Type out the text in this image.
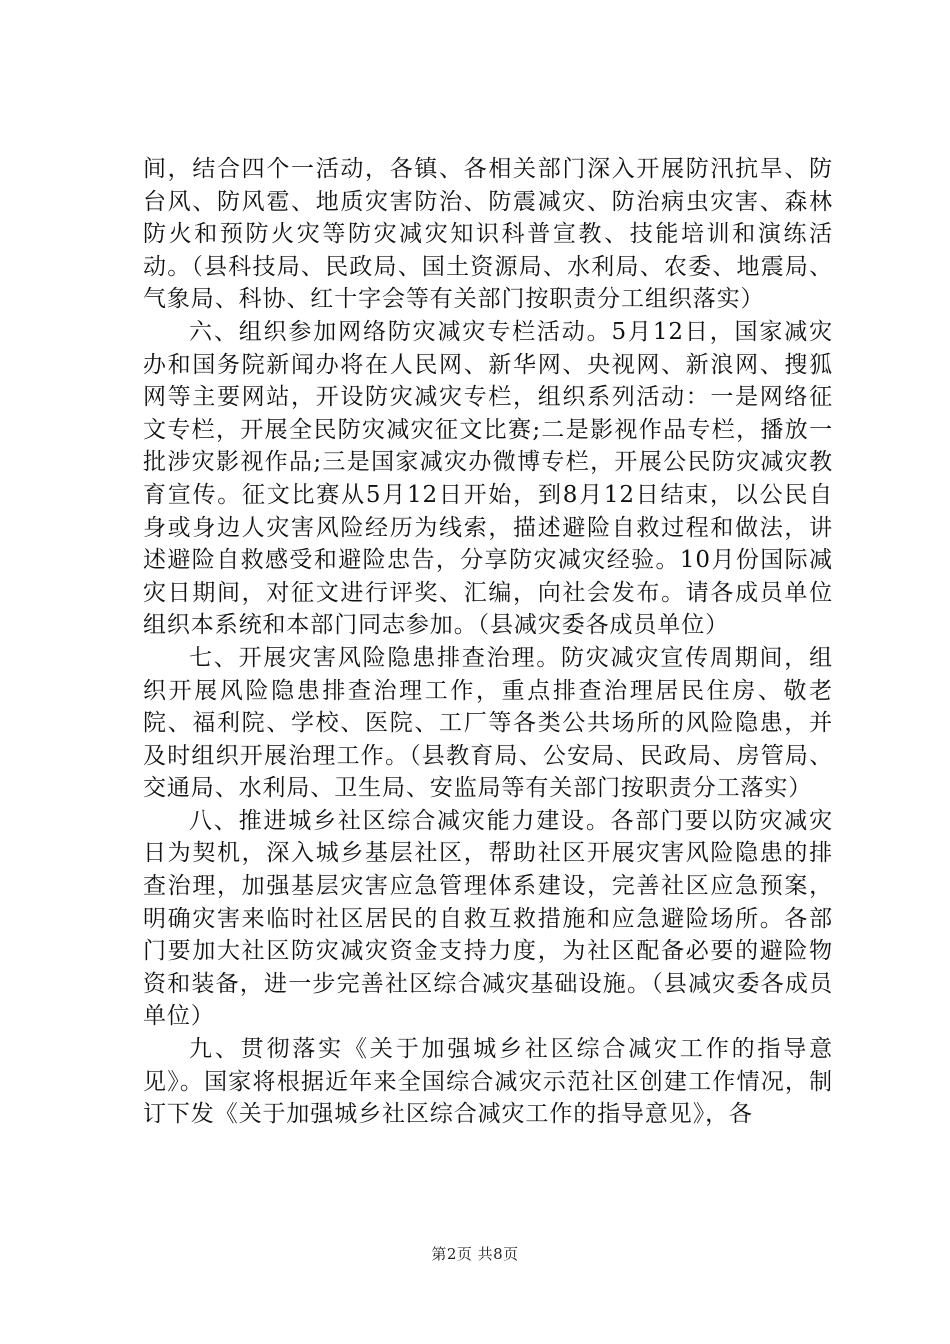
间，结合四个一活动，各镇、各相关部门深入开展防汛抗旱、防台风、防风雹、地质灾害防治、防震减灾、防治病虫灾害、森林防火和预防火灾等防灾减灾知识科普宣教、技能培训和演练活动。（县科技局、民政局、国土资源局、水利局、农委、地震局、气象局、科协、红十字会等有关部门按职责分工组织落实）

六、组织参加网络防灾减灾专栏活动。5月12日，国家减灾办和国务院新闻办将在人民网、新华网、央视网、新浪网、搜狐网等主要网站，开设防灾减灾专栏，组织系列活动：一是网络征文专栏，开展全民防灾减灾征文比赛;二是影视作品专栏，播放一批涉灾影视作品;三是国家减灾办微博专栏，开展公民防灾减灾教育宣传。征文比赛从5月12日开始，到8月12日结束，以公民自身或身边人灾害风险经历为线索，描述避险自救过程和做法，讲述避险自救感受和避险忠告，分享防灾减灾经验。10月份国际减灾日期间，对征文进行评奖、汇编，向社会发布。请各成员单位组织本系统和本部门同志参加。（县减灾委各成员单位）

七、开展灾害风险隐患排查治理。防灾减灾宣传周期间，组织开展风险隐患排查治理工作，重点排查治理居民住房、敬老院、福利院、学校、医院、工厂等各类公共场所的风险隐患，并及时组织开展治理工作。（县教育局、公安局、民政局、房管局、交通局、水利局、卫生局、安监局等有关部门按职责分工落实）

八、推进城乡社区综合减灾能力建设。各部门要以防灾减灾日为契机，深入城乡基层社区，帮助社区开展灾害风险隐患的排查治理，加强基层灾害应急管理体系建设，完善社区应急预案，明确灾害来临时社区居民的自救互救措施和应急避险场所。各部门要加大社区防灾减灾资金支持力度，为社区配备必要的避险物资和装备，进一步完善社区综合减灾基础设施。（县减灾委各成员单位）

九、贯彻落实《关于加强城乡社区综合减灾工作的指导意见》。国家将根据近年来全国综合减灾示范社区创建工作情况，制订下发《关于加强城乡社区综合减灾工作的指导意见》，各

第2页 共8页
